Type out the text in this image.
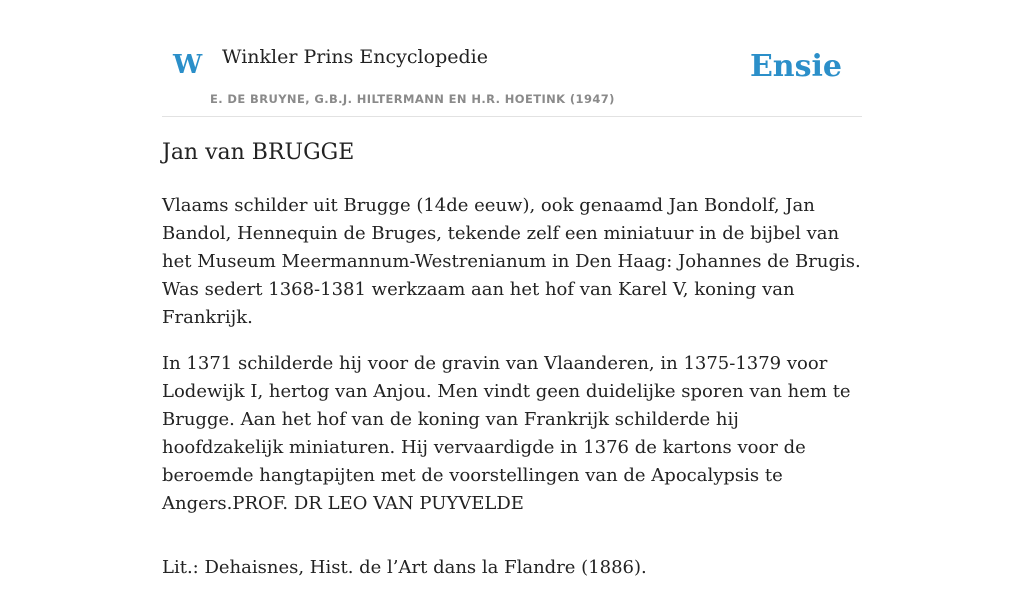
W Winkler Prins Encyclopedie
E. DE BRUYNE, G.B.J. HILTERMANN EN H.R. HOETINK (1947)
Ensie
Jan van BRUGGE

Vlaams schilder uit Brugge (14de eeuw), ook genaamd Jan Bondolf, Jan Bandol, Hennequin de Bruges, tekende zelf een miniatuur in de bijbel van het Museum Meermannum-Westrenianum in Den Haag: Johannes de Brugis. Was sedert 1368-1381 werkzaam aan het hof van Karel V, koning van Frankrijk.

In 1371 schilderde hij voor de gravin van Vlaanderen, in 1375-1379 voor Lodewijk I, hertog van Anjou. Men vindt geen duidelijke sporen van hem te Brugge. Aan het hof van de koning van Frankrijk schilderde hij hoofdzakelijk miniaturen. Hij vervaardigde in 1376 de kartons voor de beroemde hangtapijten met de voorstellingen van de Apocalypsis te Angers.PROF. DR LEO VAN PUYVELDE

Lit.: Dehaisnes, Hist. de l’Art dans la Flandre (1886).
